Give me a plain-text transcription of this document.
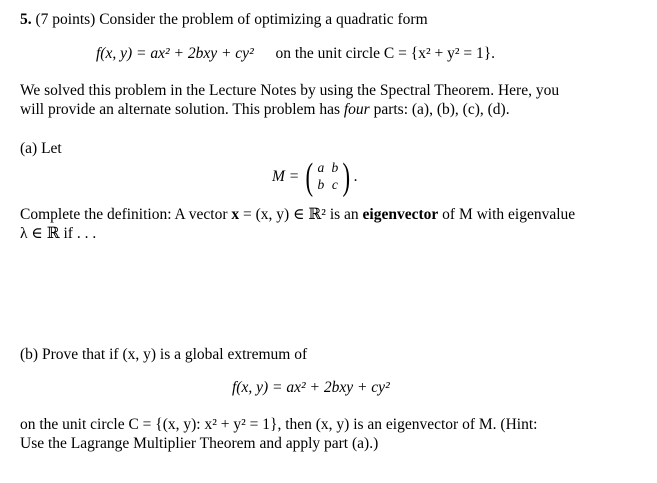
5. (7 points) Consider the problem of optimizing a quadratic form
f(x, y) = ax² + 2bxy + cy² on the unit circle C = {x² + y² = 1}.
We solved this problem in the Lecture Notes by using the Spectral Theorem. Here, you
will provide an alternate solution. This problem has four parts: (a), (b), (c), (d).
(a) Let
M = ( a b
b c ) .
Complete the definition: A vector x = (x, y) ∈ ℝ² is an eigenvector of M with eigenvalue
λ ∈ ℝ if . . .
(b) Prove that if (x, y) is a global extremum of
f(x, y) = ax² + 2bxy + cy²
on the unit circle C = {(x, y): x² + y² = 1}, then (x, y) is an eigenvector of M. (Hint:
Use the Lagrange Multiplier Theorem and apply part (a).)
